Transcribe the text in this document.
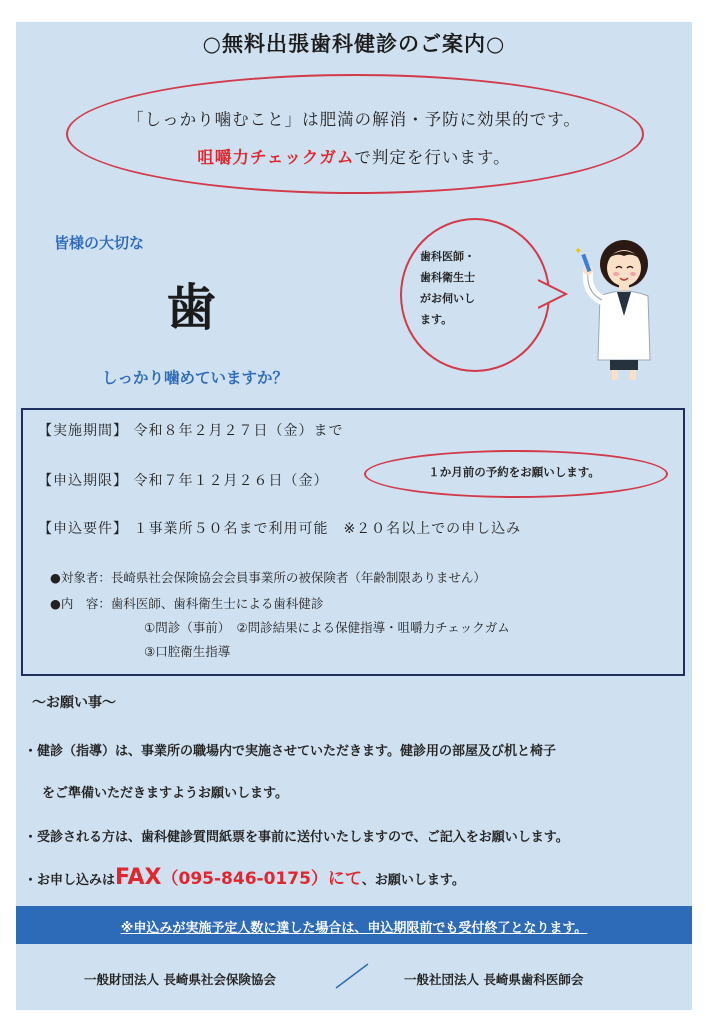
○無料出張歯科健診のご案内○
「しっかり噛むこと」は肥満の解消・予防に効果的です。
咀嚼力チェックガムで判定を行います。
皆様の大切な
歯
しっかり噛めていますか？
歯科医師・
歯科衛生士
がお伺いし
ます。
✦
【実施期間】 令和８年２月２７日（金）まで
【申込期限】 令和７年１２月２６日（金）
１か月前の予約をお願いします。
【申込要件】 １事業所５０名まで利用可能　※２０名以上での申し込み
●対象者：長崎県社会保険協会会員事業所の被保険者（年齢制限ありません）
●内　容：歯科医師、歯科衛生士による歯科健診
①問診（事前）　②問診結果による保健指導・咀嚼力チェックガム
③口腔衛生指導
〜お願い事〜
・健診（指導）は、事業所の職場内で実施させていただきます。健診用の部屋及び机と椅子
をご準備いただきますようお願いします。
・受診される方は、歯科健診質問紙票を事前に送付いたしますので、ご記入をお願いします。
・お申し込みはFAX（095-846-0175）にて、お願いします。
※申込みが実施予定人数に達した場合は、申込期限前でも受付終了となります。
一般財団法人 長崎県社会保険協会	一般社団法人 長崎県歯科医師会
